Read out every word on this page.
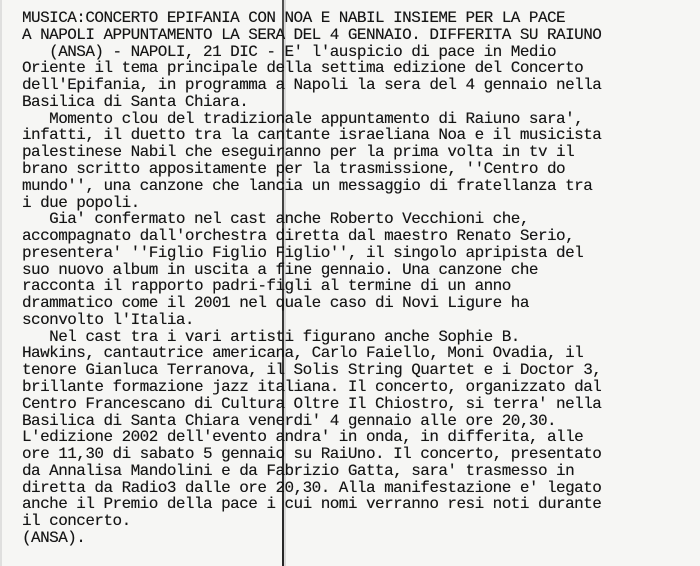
MUSICA:CONCERTO EPIFANIA CON NOA E NABIL INSIEME PER LA PACE
A NAPOLI APPUNTAMENTO LA SERA DEL 4 GENNAIO. DIFFERITA SU RAIUNO
(ANSA) - NAPOLI, 21 DIC - E' l'auspicio di pace in Medio
Oriente il tema principale della settima edizione del Concerto
dell'Epifania, in programma a Napoli la sera del 4 gennaio nella
Basilica di Santa Chiara.
Momento clou del tradizionale appuntamento di Raiuno sara',
infatti, il duetto tra la cantante israeliana Noa e il musicista
palestinese Nabil che eseguiranno per la prima volta in tv il
brano scritto appositamente per la trasmissione, ''Centro do
mundo'', una canzone che lancia un messaggio di fratellanza tra
i due popoli.
Gia' confermato nel cast anche Roberto Vecchioni che,
accompagnato dall'orchestra diretta dal maestro Renato Serio,
presentera' ''Figlio Figlio Figlio'', il singolo apripista del
suo nuovo album in uscita a fine gennaio. Una canzone che
racconta il rapporto padri-figli al termine di un anno
drammatico come il 2001 nel quale caso di Novi Ligure ha
sconvolto l'Italia.
Nel cast tra i vari artisti figurano anche Sophie B.
Hawkins, cantautrice americana, Carlo Faiello, Moni Ovadia, il
tenore Gianluca Terranova, il Solis String Quartet e i Doctor 3,
brillante formazione jazz italiana. Il concerto, organizzato dal
Centro Francescano di Cultura Oltre Il Chiostro, si terra' nella
Basilica di Santa Chiara venerdi' 4 gennaio alle ore 20,30.
L'edizione 2002 dell'evento andra' in onda, in differita, alle
ore 11,30 di sabato 5 gennaio su RaiUno. Il concerto, presentato
da Annalisa Mandolini e da Fabrizio Gatta, sara' trasmesso in
diretta da Radio3 dalle ore 20,30. Alla manifestazione e' legato
anche il Premio della pace i cui nomi verranno resi noti durante
il concerto.
(ANSA).
